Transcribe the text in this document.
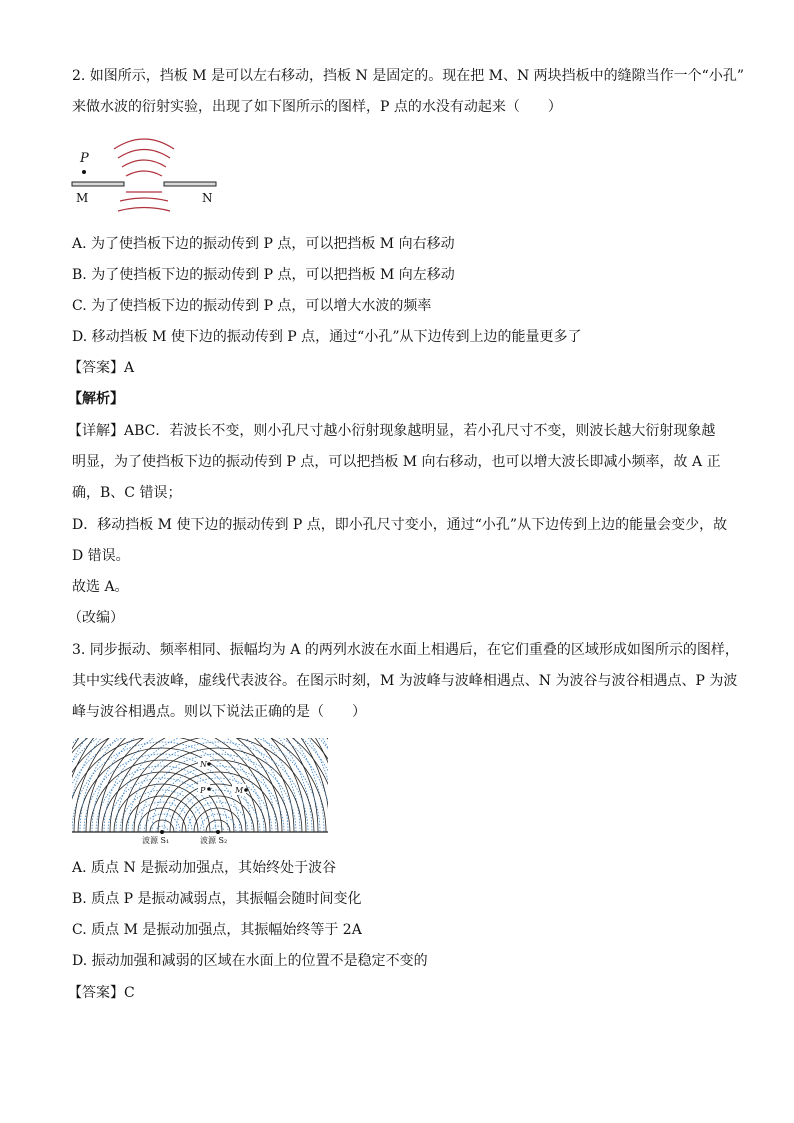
2. 如图所示，挡板 M 是可以左右移动，挡板 N 是固定的。现在把 M、N 两块挡板中的缝隙当作一个“小孔”
来做水波的衍射实验，出现了如下图所示的图样，P 点的水没有动起来（　　）
P
M	N
A. 为了使挡板下边的振动传到 P 点，可以把挡板 M 向右移动
B. 为了使挡板下边的振动传到 P 点，可以把挡板 M 向左移动
C. 为了使挡板下边的振动传到 P 点，可以增大水波的频率
D. 移动挡板 M 使下边的振动传到 P 点，通过“小孔”从下边传到上边的能量更多了
【答案】A
【解析】
【详解】ABC．若波长不变，则小孔尺寸越小衍射现象越明显，若小孔尺寸不变，则波长越大衍射现象越
明显，为了使挡板下边的振动传到 P 点，可以把挡板 M 向右移动，也可以增大波长即减小频率，故 A 正
确，B、C 错误；
D．移动挡板 M 使下边的振动传到 P 点，即小孔尺寸变小，通过“小孔”从下边传到上边的能量会变少，故
D 错误。
故选 A。
（改编）
3. 同步振动、频率相同、振幅均为 A 的两列水波在水面上相遇后，在它们重叠的区域形成如图所示的图样，
其中实线代表波峰，虚线代表波谷。在图示时刻，M 为波峰与波峰相遇点、N 为波谷与波谷相遇点、P 为波
峰与波谷相遇点。则以下说法正确的是（　　）
N
P	M
波源 S₁	波源 S₂
A. 质点 N 是振动加强点，其始终处于波谷
B. 质点 P 是振动减弱点，其振幅会随时间变化
C. 质点 M 是振动加强点，其振幅始终等于 2A
D. 振动加强和减弱的区域在水面上的位置不是稳定不变的
【答案】C
